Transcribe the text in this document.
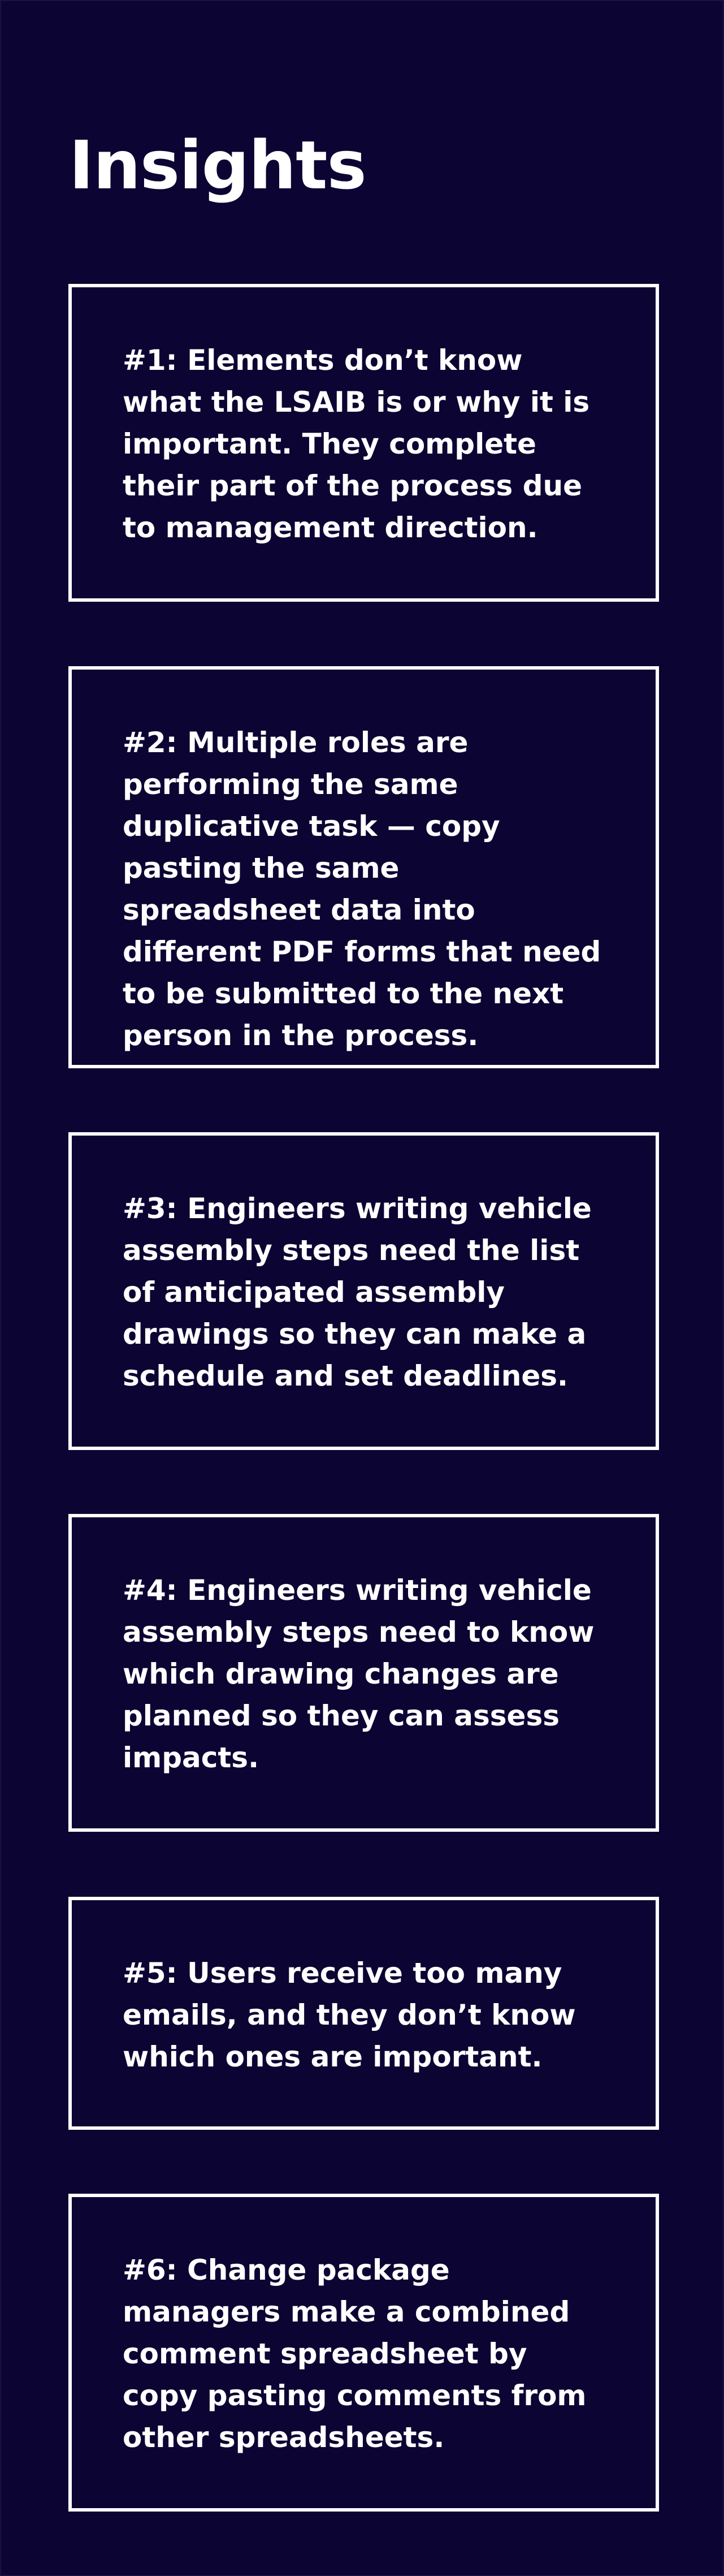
Insights

#1: Elements don’t know what the LSAIB is or why it is important. They complete their part of the process due to management direction.

#2: Multiple roles are performing the same duplicative task — copy pasting the same spreadsheet data into different PDF forms that need to be submitted to the next person in the process.

#3: Engineers writing vehicle assembly steps need the list of anticipated assembly drawings so they can make a schedule and set deadlines.

#4: Engineers writing vehicle assembly steps need to know which drawing changes are planned so they can assess impacts.

#5: Users receive too many emails, and they don’t know which ones are important.

#6: Change package managers make a combined comment spreadsheet by copy pasting comments from other spreadsheets.
